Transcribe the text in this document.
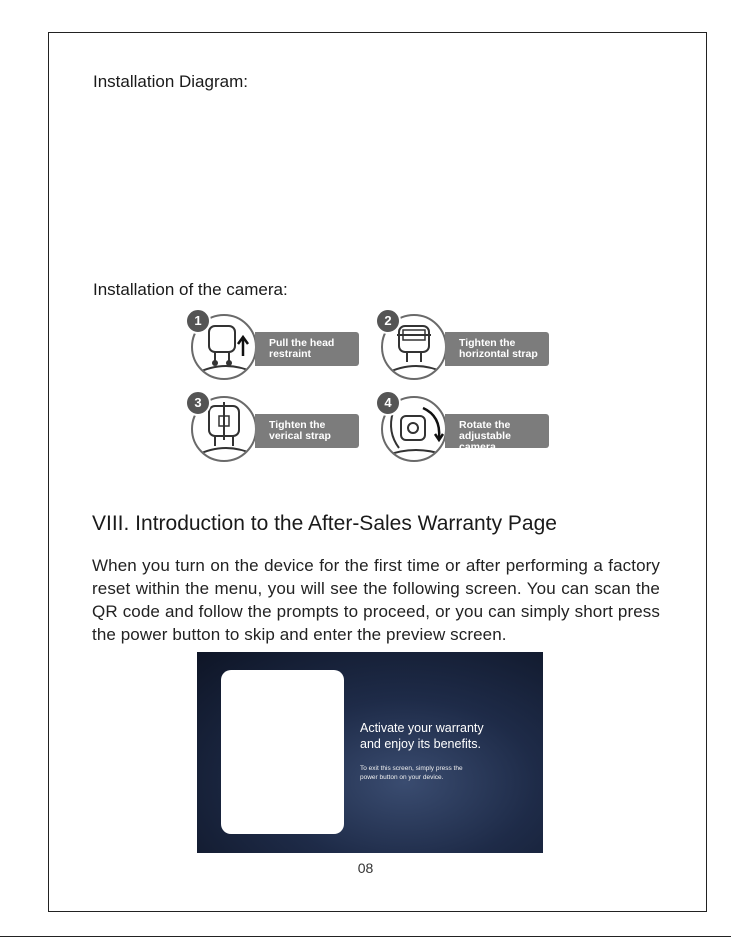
Installation Diagram:
Installation of the camera:
1
Pull the head
restraint
2
Tighten the
horizontal strap
3
Tighten the
verical strap
4
Rotate the
adjustable camera
VIII. Introduction to the After-Sales Warranty Page

When you turn on the device for the first time or after performing a factory reset within the menu, you will see the following screen. You can scan the QR code and follow the prompts to proceed, or you can simply short press the power button to skip and enter the preview screen.

Activate your warranty
and enjoy its benefits.
To exit this screen, simply press the
power button on your device.
08
